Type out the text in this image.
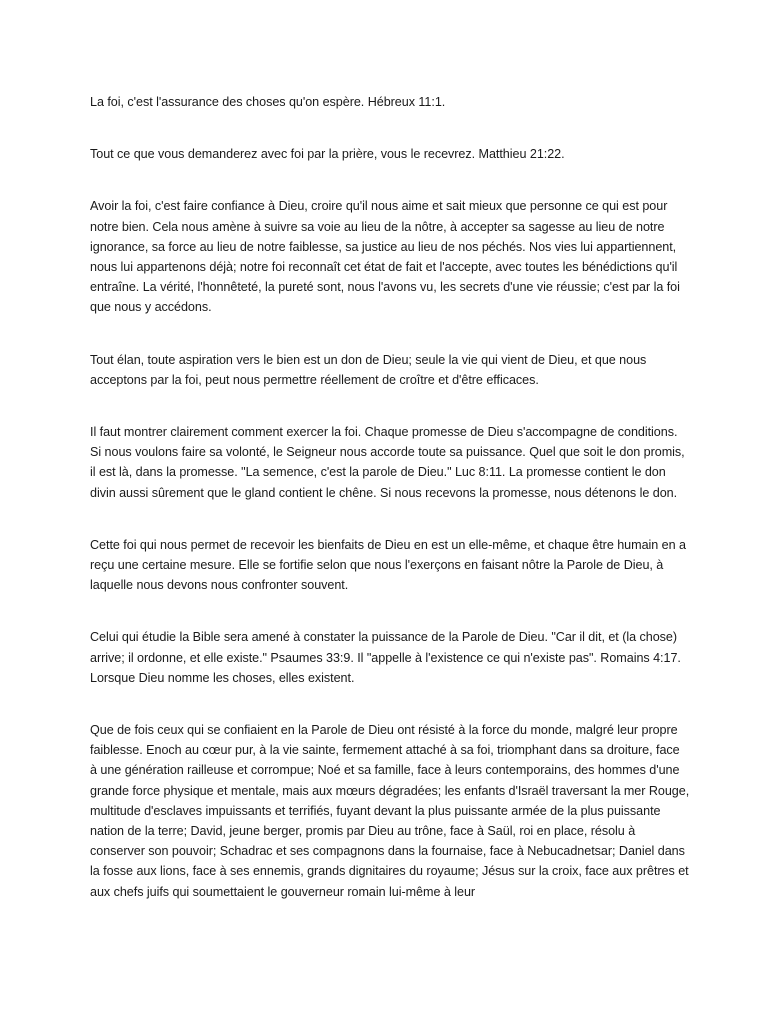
La foi, c'est l'assurance des choses qu'on espère. Hébreux 11:1.

Tout ce que vous demanderez avec foi par la prière, vous le recevrez. Matthieu 21:22.

Avoir la foi, c'est faire confiance à Dieu, croire qu'il nous aime et sait mieux que personne ce qui est pour notre bien. Cela nous amène à suivre sa voie au lieu de la nôtre, à accepter sa sagesse au lieu de notre ignorance, sa force au lieu de notre faiblesse, sa justice au lieu de nos péchés. Nos vies lui appartiennent, nous lui appartenons déjà; notre foi reconnaît cet état de fait et l'accepte, avec toutes les bénédictions qu'il entraîne. La vérité, l'honnêteté, la pureté sont, nous l'avons vu, les secrets d'une vie réussie; c'est par la foi que nous y accédons.

Tout élan, toute aspiration vers le bien est un don de Dieu; seule la vie qui vient de Dieu, et que nous acceptons par la foi, peut nous permettre réellement de croître et d'être efficaces.

Il faut montrer clairement comment exercer la foi. Chaque promesse de Dieu s'accompagne de conditions. Si nous voulons faire sa volonté, le Seigneur nous accorde toute sa puissance. Quel que soit le don promis, il est là, dans la promesse. "La semence, c'est la parole de Dieu." Luc 8:11. La promesse contient le don divin aussi sûrement que le gland contient le chêne. Si nous recevons la promesse, nous détenons le don.

Cette foi qui nous permet de recevoir les bienfaits de Dieu en est un elle-même, et chaque être humain en a reçu une certaine mesure. Elle se fortifie selon que nous l'exerçons en faisant nôtre la Parole de Dieu, à laquelle nous devons nous confronter souvent.

Celui qui étudie la Bible sera amené à constater la puissance de la Parole de Dieu. "Car il dit, et (la chose) arrive; il ordonne, et elle existe." Psaumes 33:9. Il "appelle à l'existence ce qui n'existe pas". Romains 4:17. Lorsque Dieu nomme les choses, elles existent.

Que de fois ceux qui se confiaient en la Parole de Dieu ont résisté à la force du monde, malgré leur propre faiblesse. Enoch au cœur pur, à la vie sainte, fermement attaché à sa foi, triomphant dans sa droiture, face à une génération railleuse et corrompue; Noé et sa famille, face à leurs contemporains, des hommes d'une grande force physique et mentale, mais aux mœurs dégradées; les enfants d'Israël traversant la mer Rouge, multitude d'esclaves impuissants et terrifiés, fuyant devant la plus puissante armée de la plus puissante nation de la terre; David, jeune berger, promis par Dieu au trône, face à Saül, roi en place, résolu à conserver son pouvoir; Schadrac et ses compagnons dans la fournaise, face à Nebucadnetsar; Daniel dans la fosse aux lions, face à ses ennemis, grands dignitaires du royaume; Jésus sur la croix, face aux prêtres et aux chefs juifs qui soumettaient le gouverneur romain lui-même à leur
